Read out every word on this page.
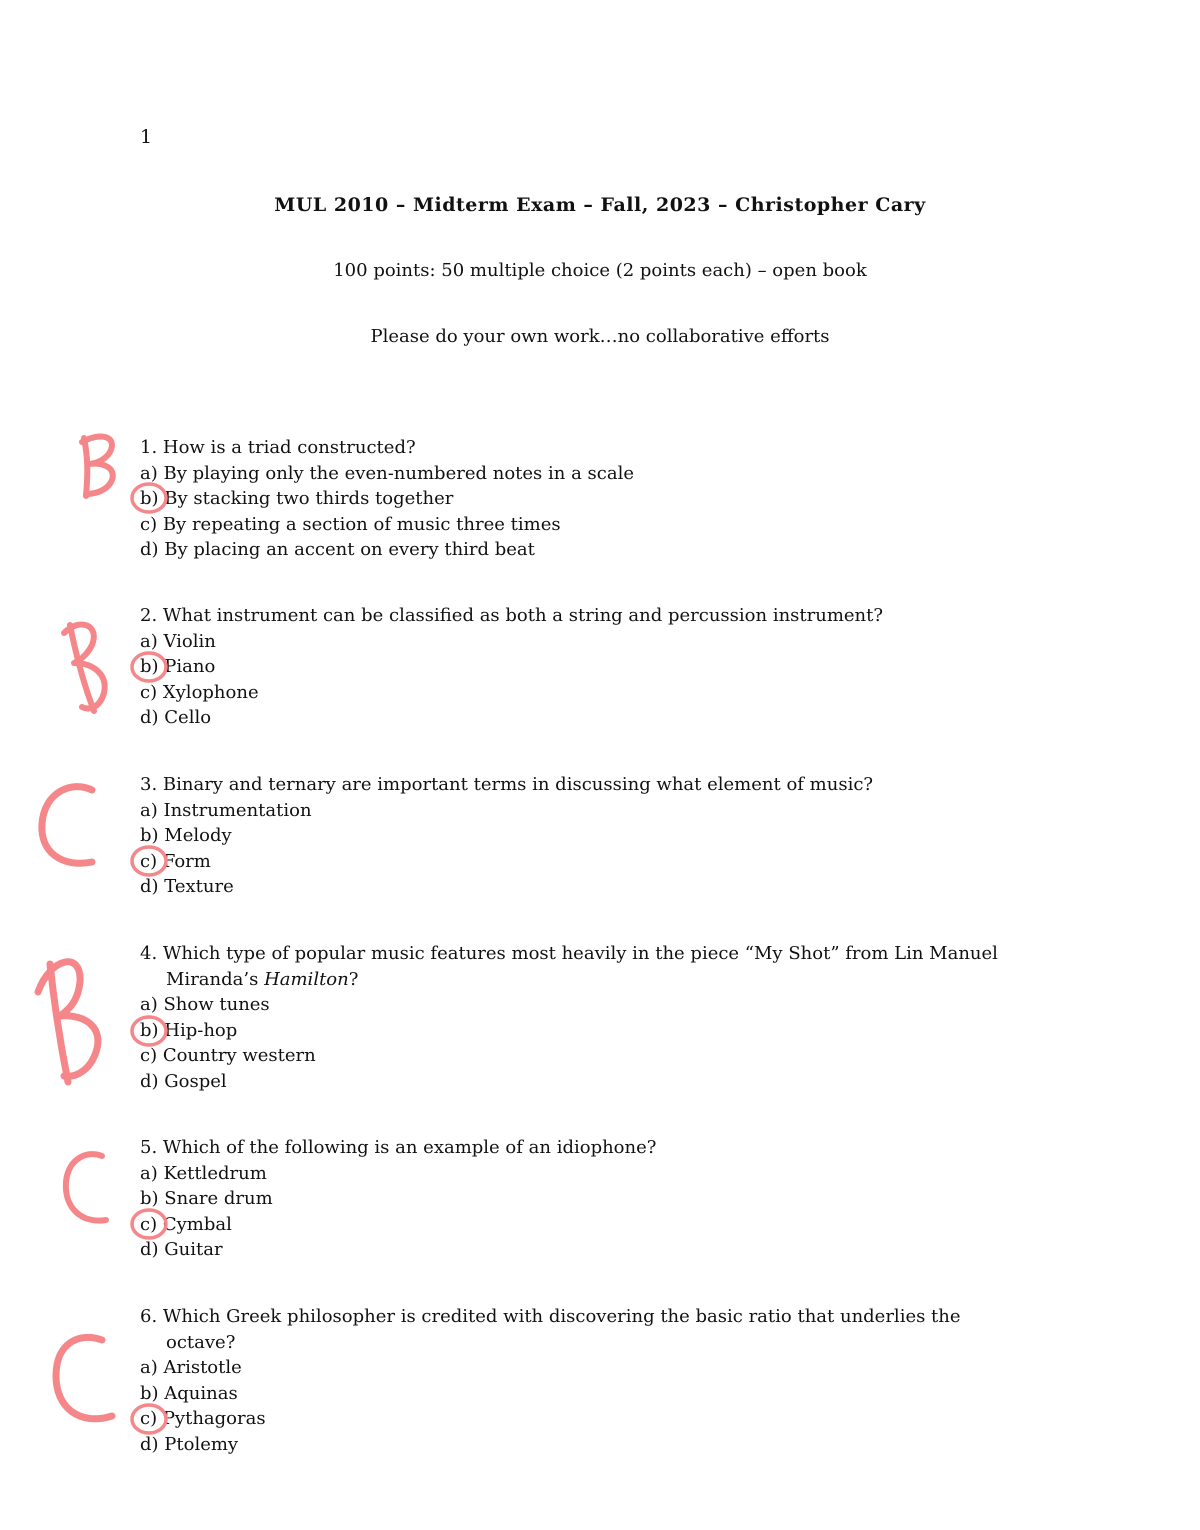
1
MUL 2010 – Midterm Exam – Fall, 2023 – Christopher Cary
100 points: 50 multiple choice (2 points each) – open book
Please do your own work…no collaborative efforts

1. How is a triad constructed?

a) By playing only the even-numbered notes in a scale

b) By stacking two thirds together

c) By repeating a section of music three times

d) By placing an accent on every third beat

2. What instrument can be classified as both a string and percussion instrument?

a) Violin

b) Piano

c) Xylophone

d) Cello

3. Binary and ternary are important terms in discussing what element of music?

a) Instrumentation

b) Melody

c) Form

d) Texture

4. Which type of popular music features most heavily in the piece “My Shot” from Lin Manuel
Miranda’s Hamilton?

a) Show tunes

b) Hip-hop

c) Country western

d) Gospel

5. Which of the following is an example of an idiophone?

a) Kettledrum

b) Snare drum

c) Cymbal

d) Guitar

6. Which Greek philosopher is credited with discovering the basic ratio that underlies the
octave?

a) Aristotle

b) Aquinas

c) Pythagoras

d) Ptolemy
